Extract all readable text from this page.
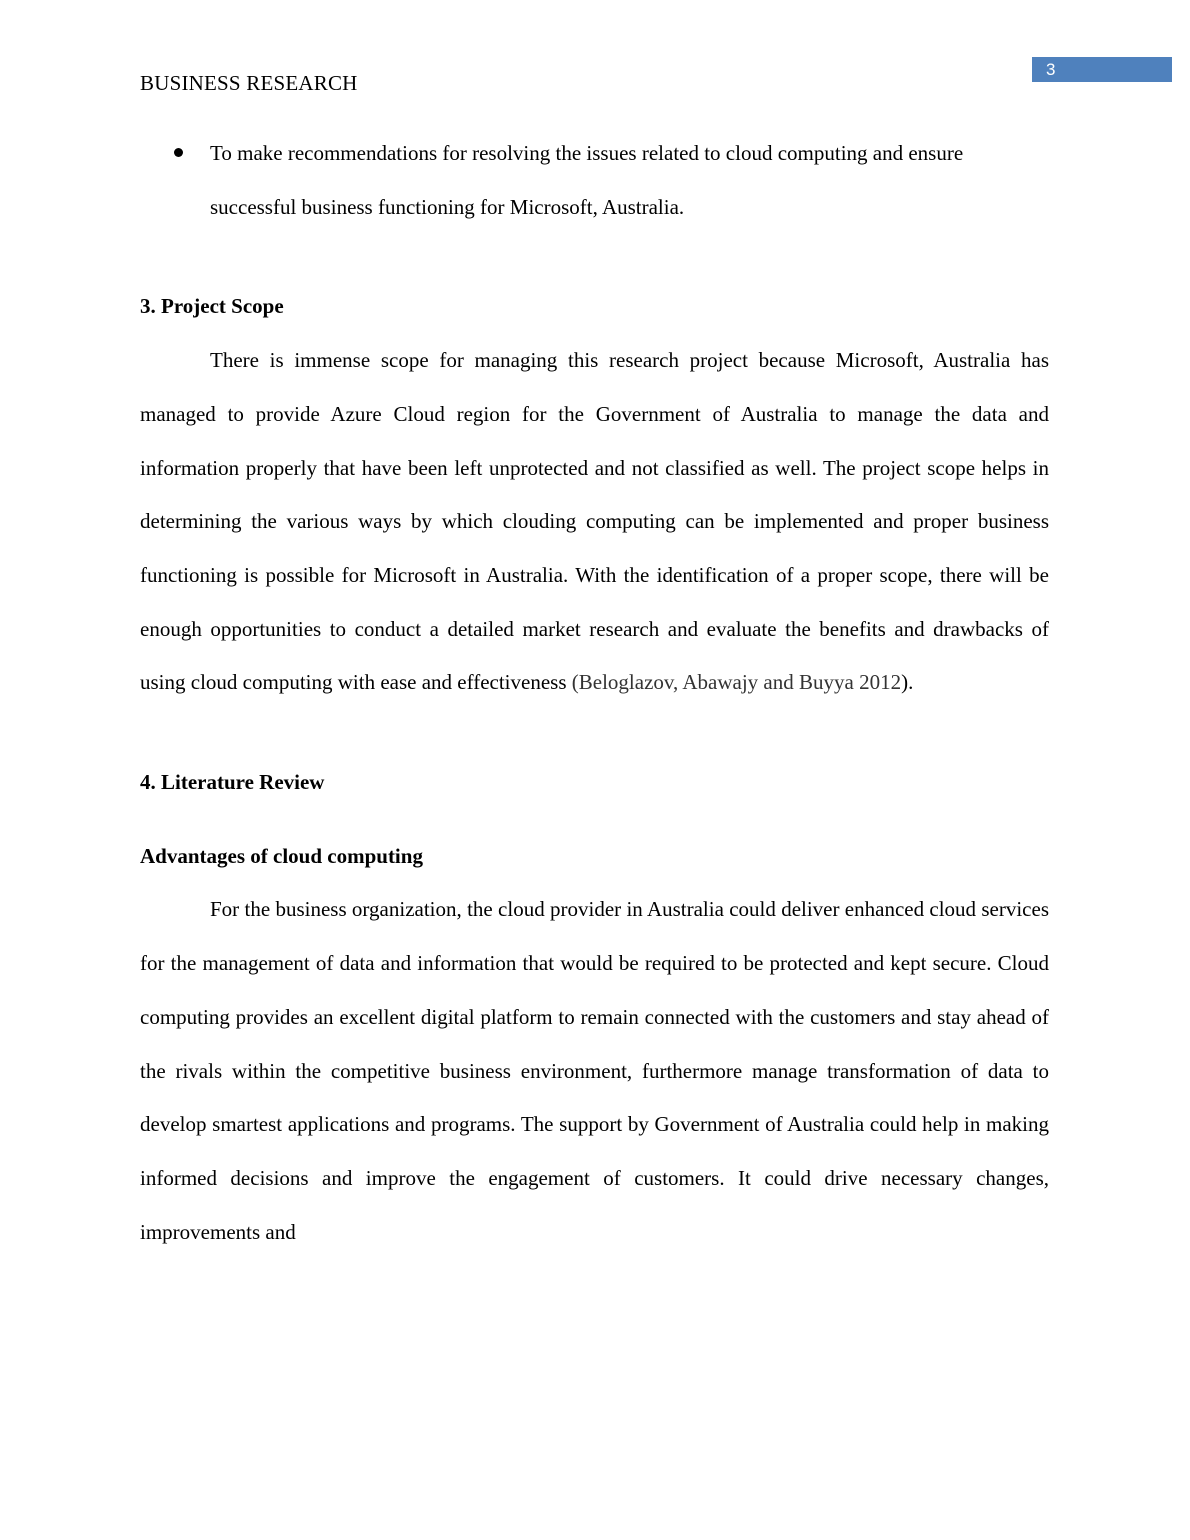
BUSINESS RESEARCH
3
To make recommendations for resolving the issues related to cloud computing and ensure successful business functioning for Microsoft, Australia.
3. Project Scope

There is immense scope for managing this research project because Microsoft, Australia has managed to provide Azure Cloud region for the Government of Australia to manage the data and information properly that have been left unprotected and not classified as well. The project scope helps in determining the various ways by which clouding computing can be implemented and proper business functioning is possible for Microsoft in Australia. With the identification of a proper scope, there will be enough opportunities to conduct a detailed market research and evaluate the benefits and drawbacks of using cloud computing with ease and effectiveness (Beloglazov, Abawajy and Buyya 2012).

4. Literature Review
Advantages of cloud computing

For the business organization, the cloud provider in Australia could deliver enhanced cloud services for the management of data and information that would be required to be protected and kept secure. Cloud computing provides an excellent digital platform to remain connected with the customers and stay ahead of the rivals within the competitive business environment, furthermore manage transformation of data to develop smartest applications and programs. The support by Government of Australia could help in making informed decisions and improve the engagement of customers. It could drive necessary changes, improvements and
